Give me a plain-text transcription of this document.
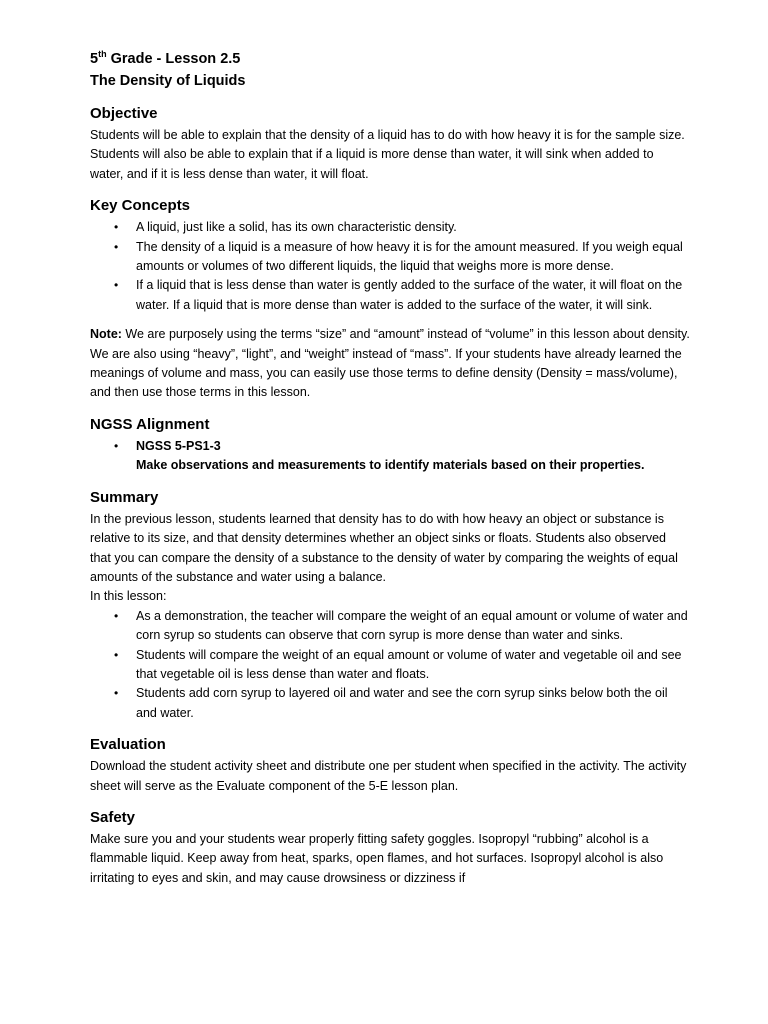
5th Grade - Lesson 2.5

The Density of Liquids

Objective

Students will be able to explain that the density of a liquid has to do with how heavy it is for the sample size. Students will also be able to explain that if a liquid is more dense than water, it will sink when added to water, and if it is less dense than water, it will float.

Key Concepts
• A liquid, just like a solid, has its own characteristic density.
• The density of a liquid is a measure of how heavy it is for the amount measured. If you weigh equal amounts or volumes of two different liquids, the liquid that weighs more is more dense.
• If a liquid that is less dense than water is gently added to the surface of the water, it will float on the water. If a liquid that is more dense than water is added to the surface of the water, it will sink.

Note: We are purposely using the terms “size” and “amount” instead of “volume” in this lesson about density. We are also using “heavy”, “light”, and “weight” instead of “mass”. If your students have already learned the meanings of volume and mass, you can easily use those terms to define density (Density = mass/volume), and then use those terms in this lesson.

NGSS Alignment
• NGSS 5-PS1-3
Make observations and measurements to identify materials based on their properties.
Summary

In the previous lesson, students learned that density has to do with how heavy an object or substance is relative to its size, and that density determines whether an object sinks or floats. Students also observed that you can compare the density of a substance to the density of water by comparing the weights of equal amounts of the substance and water using a balance.

In this lesson:

• As a demonstration, the teacher will compare the weight of an equal amount or volume of water and corn syrup so students can observe that corn syrup is more dense than water and sinks.
• Students will compare the weight of an equal amount or volume of water and vegetable oil and see that vegetable oil is less dense than water and floats.
• Students add corn syrup to layered oil and water and see the corn syrup sinks below both the oil and water.
Evaluation

Download the student activity sheet and distribute one per student when specified in the activity. The activity sheet will serve as the Evaluate component of the 5-E lesson plan.

Safety

Make sure you and your students wear properly fitting safety goggles. Isopropyl “rubbing” alcohol is a flammable liquid. Keep away from heat, sparks, open flames, and hot surfaces. Isopropyl alcohol is also irritating to eyes and skin, and may cause drowsiness or dizziness if
